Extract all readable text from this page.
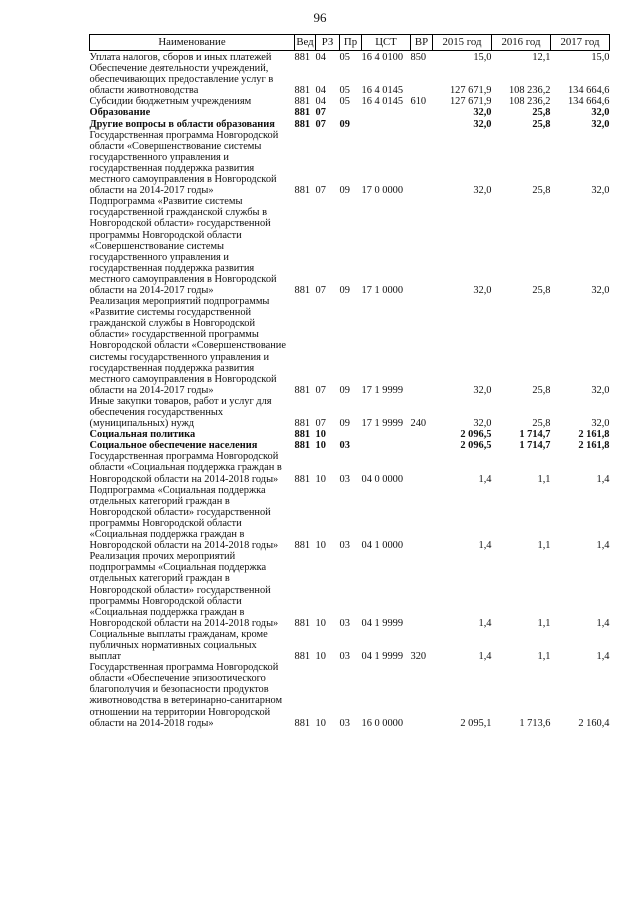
96
Наименование	Вед	РЗ	Пр	ЦСТ	ВР	2015 год	2016 год	2017 год
Уплата налогов, сборов и иных платежей	881	04	05	16 4 0100	850	15,0	12,1	15,0
Обеспечение деятельности учреждений, обеспечивающих предоставление услуг в области животноводства	881	04	05	16 4 0145		127 671,9	108 236,2	134 664,6
Субсидии бюджетным учреждениям	881	04	05	16 4 0145	610	127 671,9	108 236,2	134 664,6
Образование	881	07				32,0	25,8	32,0
Другие вопросы в области образования	881	07	09			32,0	25,8	32,0
Государственная программа Новгородской области «Совершенствование системы государственного управления и государственная поддержка развития местного самоуправления в Новгородской области на 2014-2017 годы»	881	07	09	17 0 0000		32,0	25,8	32,0
Подпрограмма «Развитие системы государственной гражданской службы в Новгородской области» государственной программы Новгородской области «Совершенствование системы государственного управления и государственная поддержка развития местного самоуправления в Новгородской области на 2014-2017 годы»	881	07	09	17 1 0000		32,0	25,8	32,0
Реализация мероприятий подпрограммы «Развитие системы государственной гражданской службы в Новгородской области» государственной программы Новгородской области «Совершенствование системы государственного управления и государственная поддержка развития местного самоуправления в Новгородской области на 2014-2017 годы»	881	07	09	17 1 9999		32,0	25,8	32,0
Иные закупки товаров, работ и услуг для обеспечения государственных (муниципальных) нужд	881	07	09	17 1 9999	240	32,0	25,8	32,0
Социальная политика	881	10				2 096,5	1 714,7	2 161,8
Социальное обеспечение населения	881	10	03			2 096,5	1 714,7	2 161,8
Государственная программа Новгородской области «Социальная поддержка граждан в Новгородской области на 2014-2018 годы»	881	10	03	04 0 0000		1,4	1,1	1,4
Подпрограмма «Социальная поддержка отдельных категорий граждан в Новгородской области» государственной программы Новгородской области «Социальная поддержка граждан в Новгородской области на 2014-2018 годы»	881	10	03	04 1 0000		1,4	1,1	1,4
Реализация прочих мероприятий подпрограммы «Социальная поддержка отдельных категорий граждан в Новгородской области» государственной программы Новгородской области «Социальная поддержка граждан в Новгородской области на 2014-2018 годы»	881	10	03	04 1 9999		1,4	1,1	1,4
Социальные выплаты гражданам, кроме публичных нормативных социальных выплат	881	10	03	04 1 9999	320	1,4	1,1	1,4
Государственная программа Новгородской области «Обеспечение эпизоотического благополучия и безопасности продуктов животноводства в ветеринарно-санитарном отношении на территории Новгородской области на 2014-2018 годы»	881	10	03	16 0 0000		2 095,1	1 713,6	2 160,4
